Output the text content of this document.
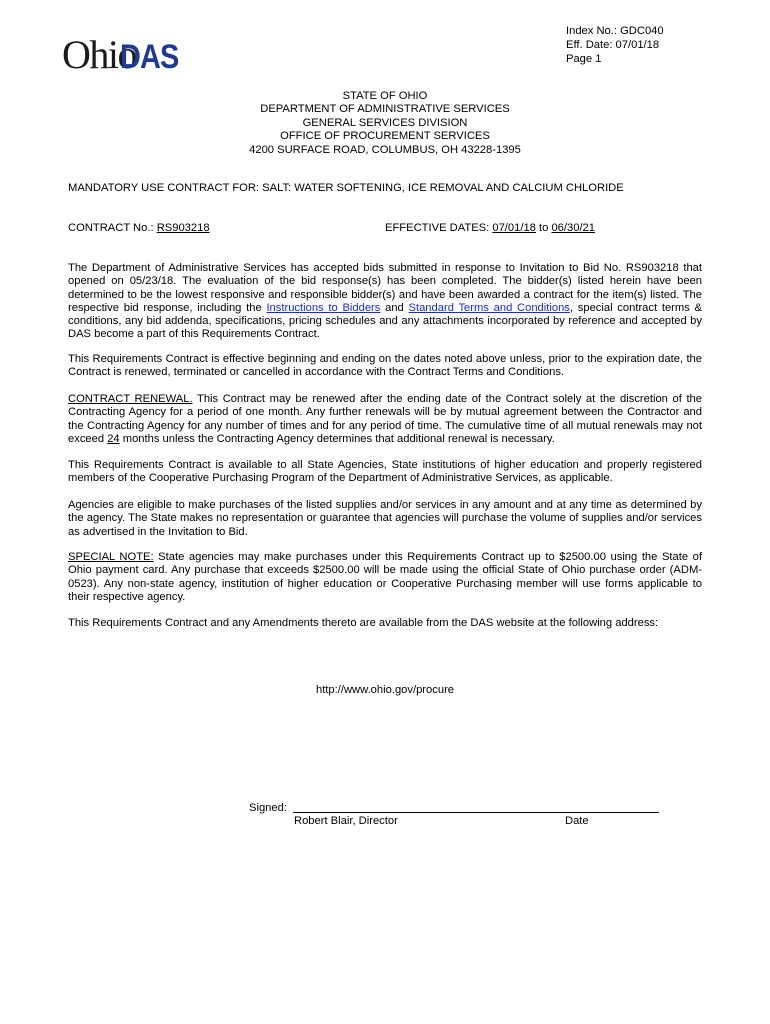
Ohio
DAS
Index No.: GDC040
Eff. Date: 07/01/18
Page 1
STATE OF OHIO
DEPARTMENT OF ADMINISTRATIVE SERVICES
GENERAL SERVICES DIVISION
OFFICE OF PROCUREMENT SERVICES
4200 SURFACE ROAD, COLUMBUS, OH 43228-1395
MANDATORY USE CONTRACT FOR: SALT: WATER SOFTENING, ICE REMOVAL AND CALCIUM CHLORIDE
CONTRACT No.: RS903218	EFFECTIVE DATES: 07/01/18 to 06/30/21
The Department of Administrative Services has accepted bids submitted in response to Invitation to Bid No. RS903218 that opened on 05/23/18. The evaluation of the bid response(s) has been completed. The bidder(s) listed herein have been determined to be the lowest responsive and responsible bidder(s) and have been awarded a contract for the item(s) listed. The respective bid response, including the Instructions to Bidders and Standard Terms and Conditions, special contract terms & conditions, any bid addenda, specifications, pricing schedules and any attachments incorporated by reference and accepted by DAS become a part of this Requirements Contract.
This Requirements Contract is effective beginning and ending on the dates noted above unless, prior to the expiration date, the Contract is renewed, terminated or cancelled in accordance with the Contract Terms and Conditions.
CONTRACT RENEWAL. This Contract may be renewed after the ending date of the Contract solely at the discretion of the Contracting Agency for a period of one month. Any further renewals will be by mutual agreement between the Contractor and the Contracting Agency for any number of times and for any period of time. The cumulative time of all mutual renewals may not exceed 24 months unless the Contracting Agency determines that additional renewal is necessary.
This Requirements Contract is available to all State Agencies, State institutions of higher education and properly registered members of the Cooperative Purchasing Program of the Department of Administrative Services, as applicable.
Agencies are eligible to make purchases of the listed supplies and/or services in any amount and at any time as determined by the agency. The State makes no representation or guarantee that agencies will purchase the volume of supplies and/or services as advertised in the Invitation to Bid.
SPECIAL NOTE: State agencies may make purchases under this Requirements Contract up to $2500.00 using the State of Ohio payment card. Any purchase that exceeds $2500.00 will be made using the official State of Ohio purchase order (ADM-0523). Any non-state agency, institution of higher education or Cooperative Purchasing member will use forms applicable to their respective agency.
This Requirements Contract and any Amendments thereto are available from the DAS website at the following address:
http://www.ohio.gov/procure
Signed:
Robert Blair, Director	Date
